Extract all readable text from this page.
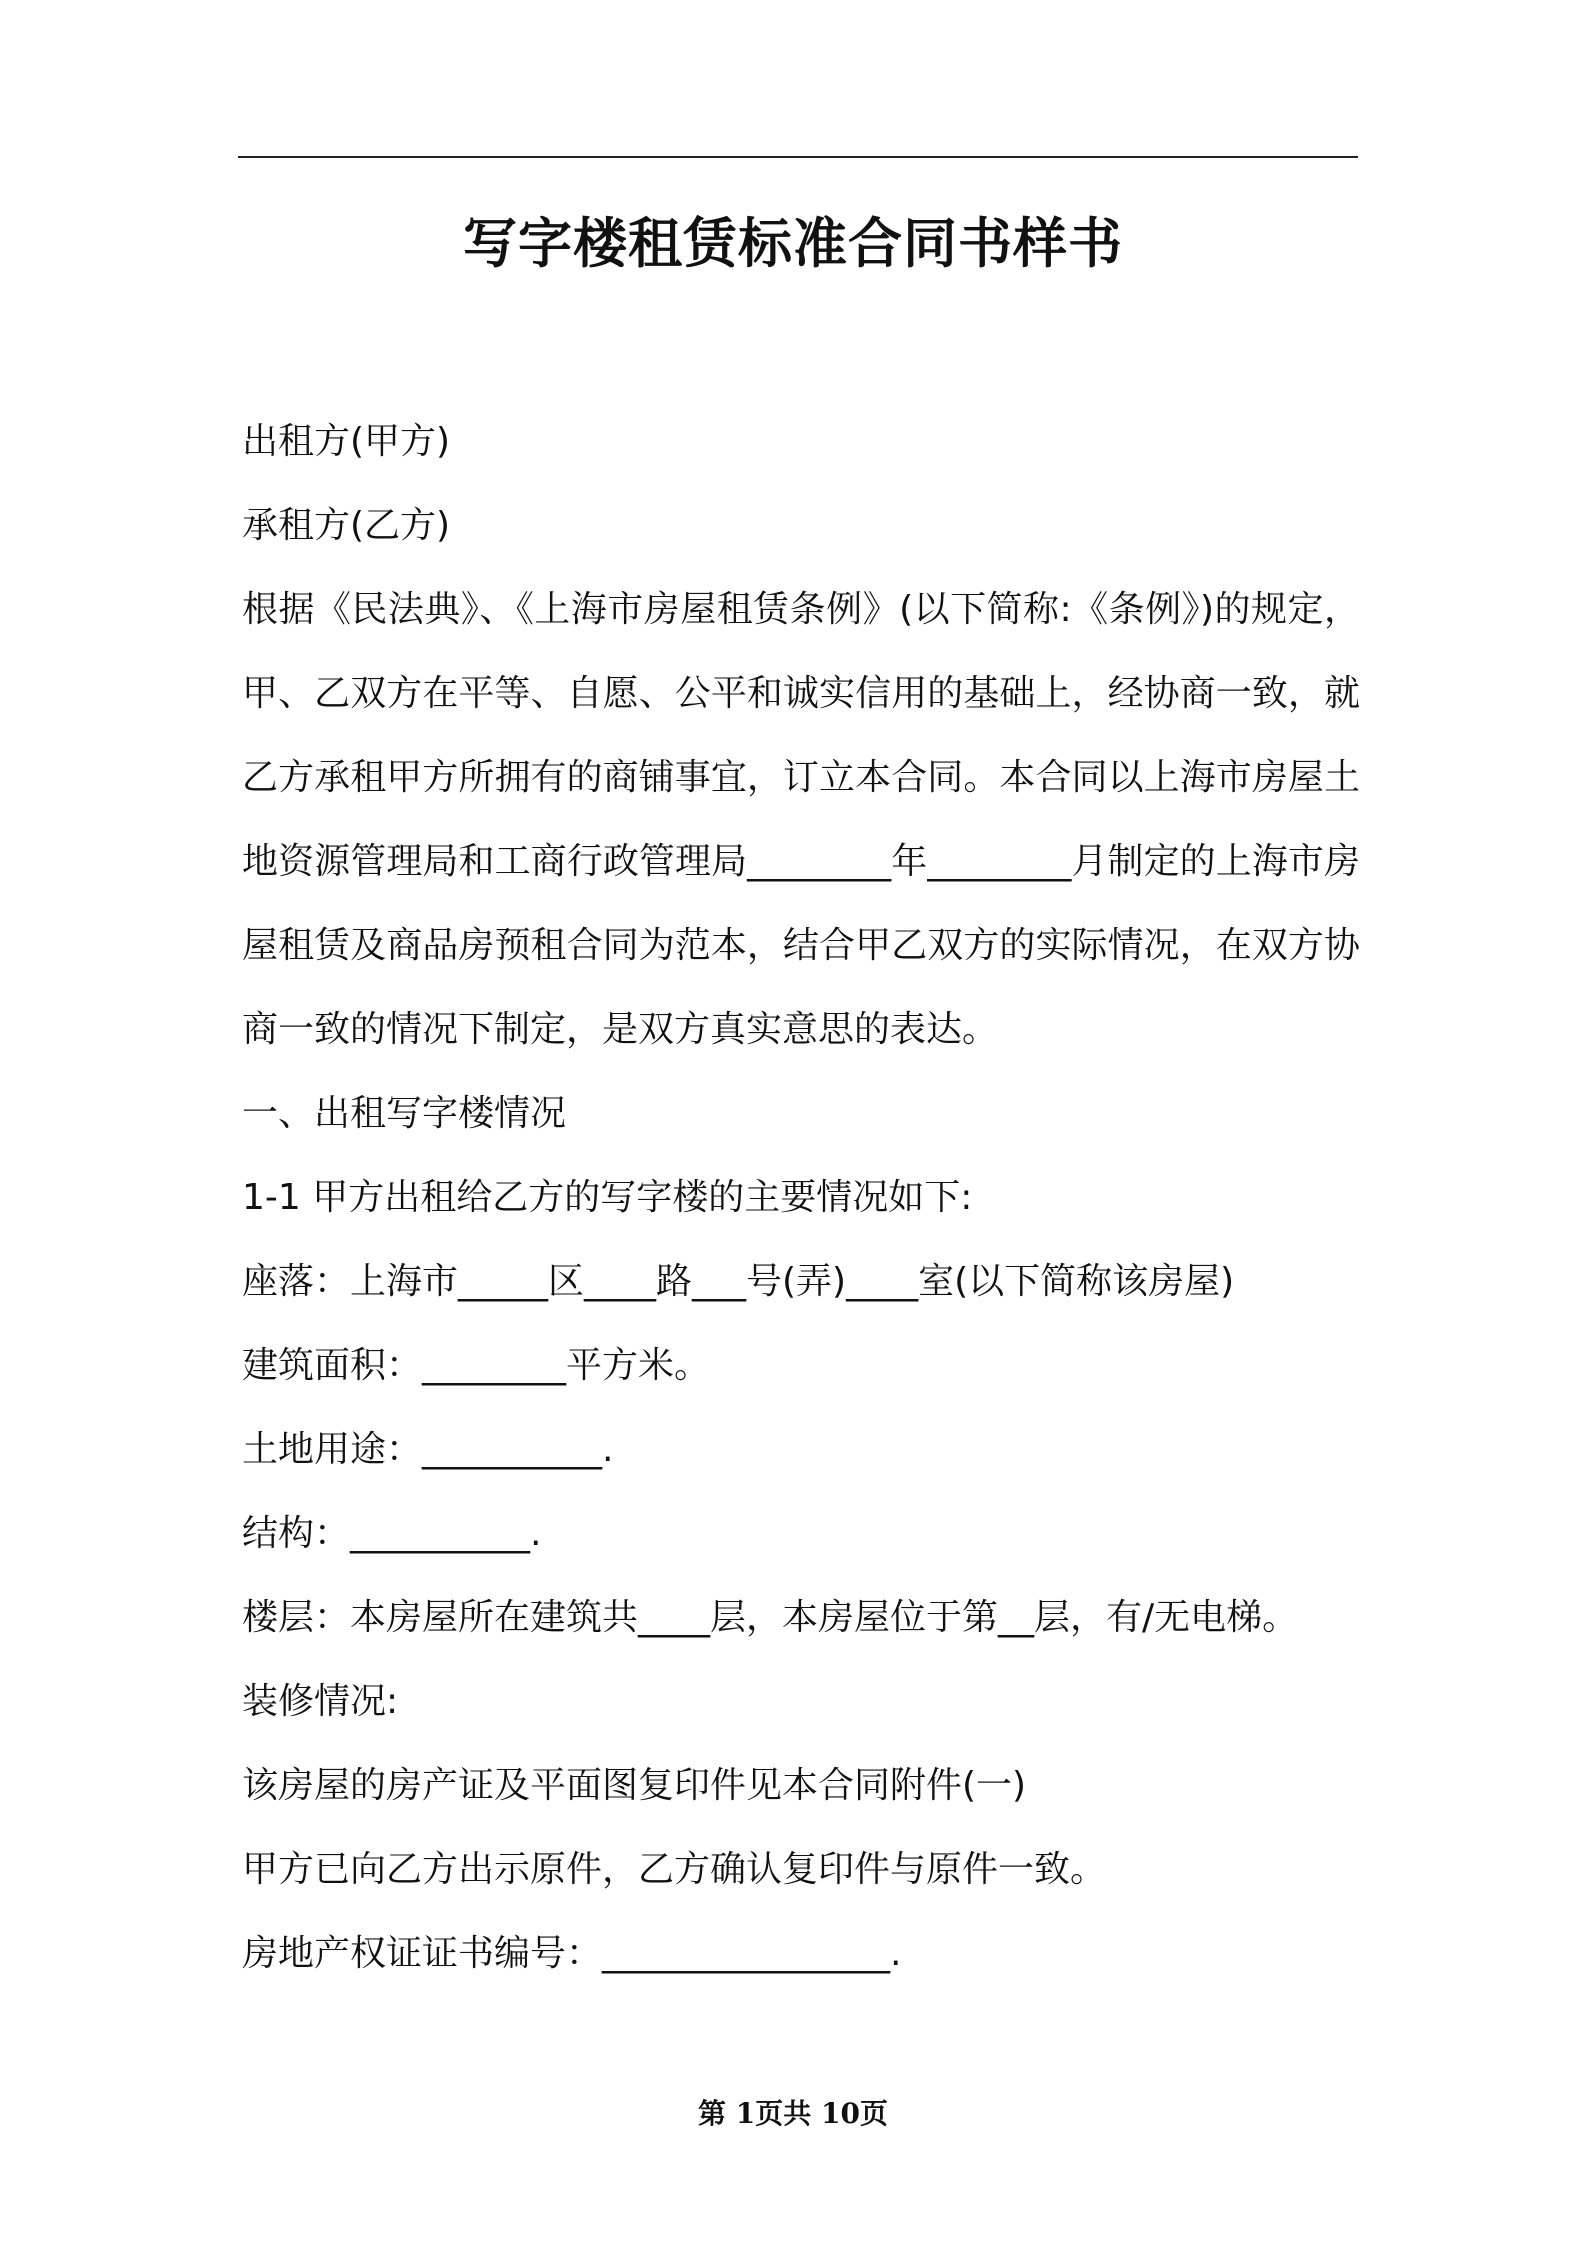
写字楼租赁标准合同书样书

出租方(甲方)

承租方(乙方)

根据《民法典》、《上海市房屋租赁条例》(以下简称:《条例》)的规定，甲、乙双方在平等、自愿、公平和诚实信用的基础上，经协商一致，就乙方承租甲方所拥有的商铺事宜，订立本合同。本合同以上海市房屋土地资源管理局和工商行政管理局________年________月制定的上海市房屋租赁及商品房预租合同为范本，结合甲乙双方的实际情况，在双方协商一致的情况下制定，是双方真实意思的表达。

一、出租写字楼情况

1-1 甲方出租给乙方的写字楼的主要情况如下:

座落：上海市_____区____路___号(弄)____室(以下简称该房屋)

建筑面积：________平方米。

土地用途：__________.

结构：__________.

楼层：本房屋所在建筑共____层，本房屋位于第__层，有/无电梯。

装修情况:

该房屋的房产证及平面图复印件见本合同附件(一)

甲方已向乙方出示原件，乙方确认复印件与原件一致。

房地产权证证书编号：________________.

第 1页共 10页
